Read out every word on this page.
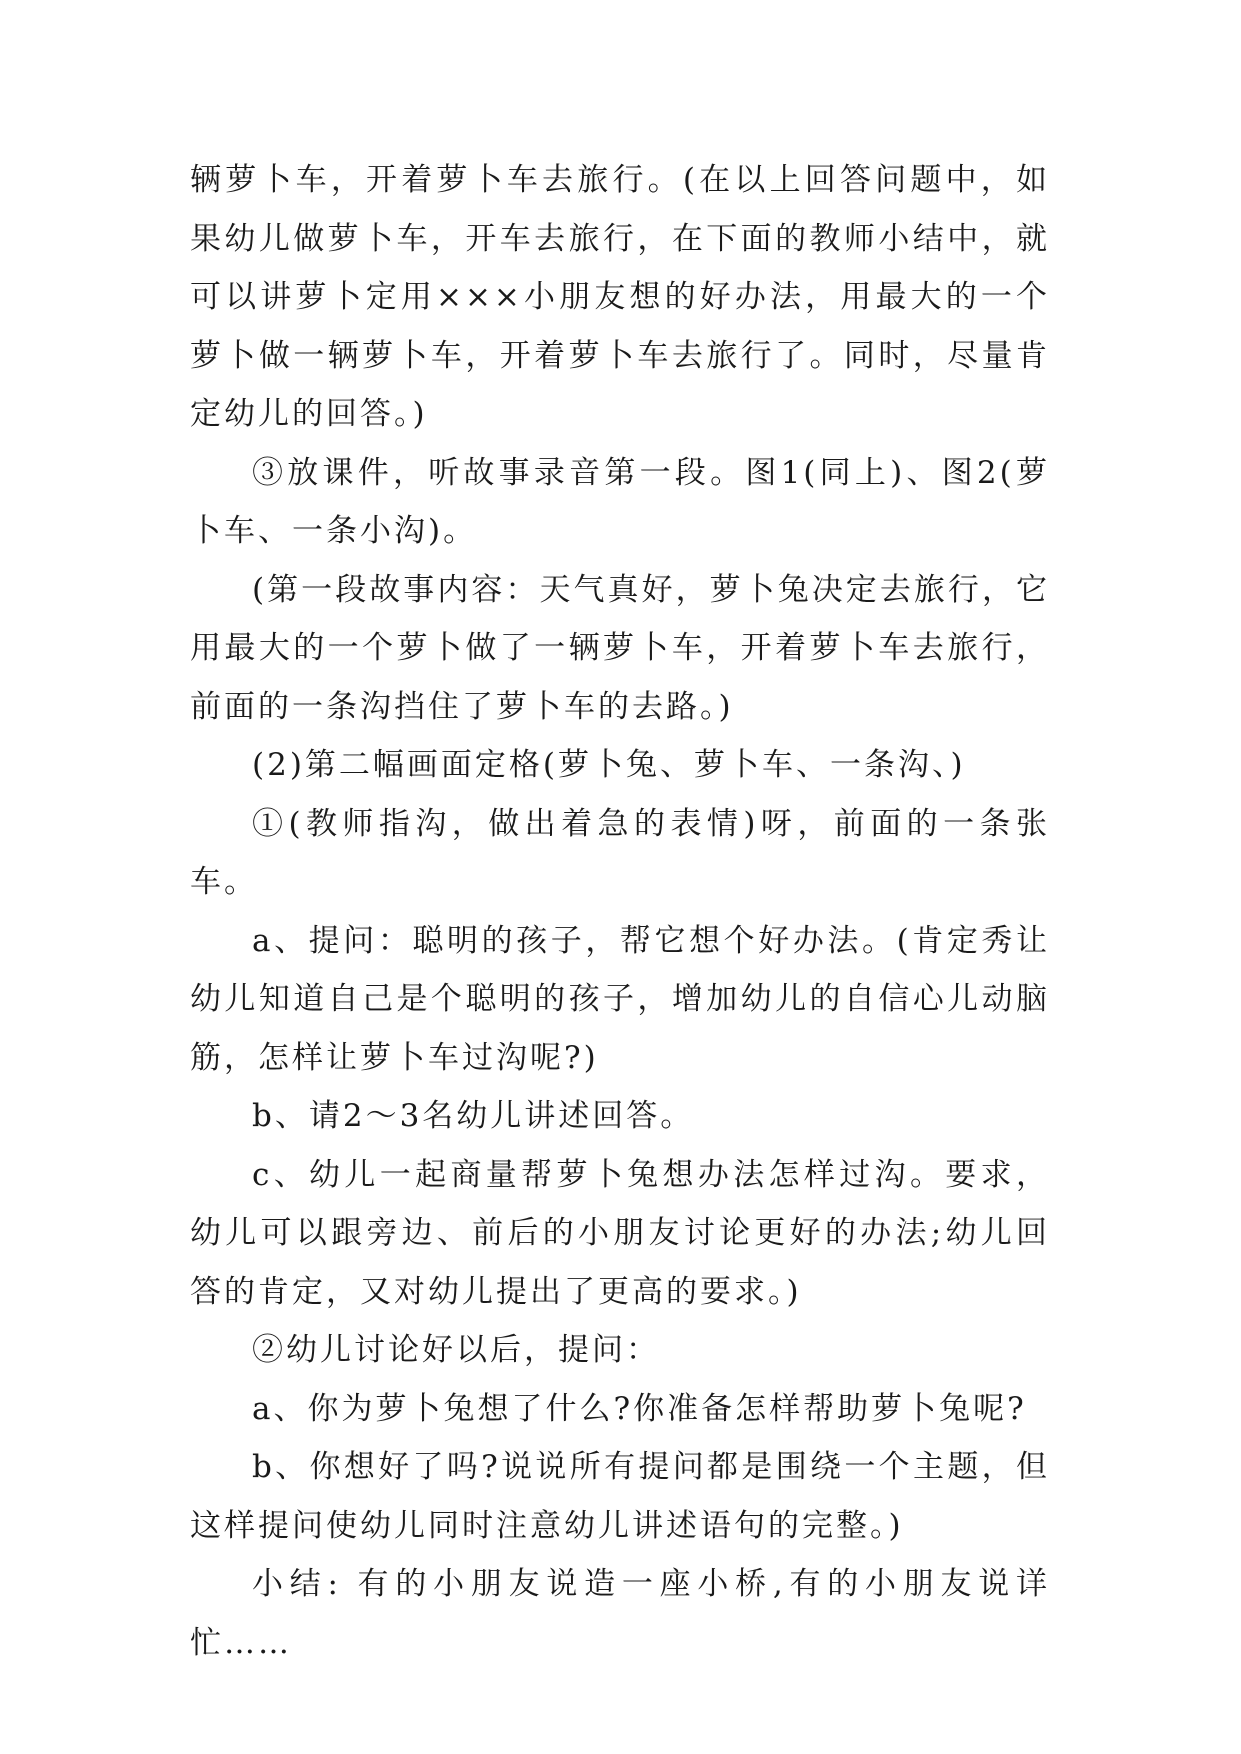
辆萝卜车，开着萝卜车去旅行。(在以上回答问题中，如果幼儿做萝卜车，开车去旅行，在下面的教师小结中，就可以讲萝卜定用×××小朋友想的好办法，用最大的一个萝卜做一辆萝卜车，开着萝卜车去旅行了。同时，尽量肯定幼儿的回答。)

③放课件，听故事录音第一段。图1(同上)、图2(萝卜车、一条小沟)。

(第一段故事内容：天气真好，萝卜兔决定去旅行，它用最大的一个萝卜做了一辆萝卜车，开着萝卜车去旅行，前面的一条沟挡住了萝卜车的去路。)

(2)第二幅画面定格(萝卜兔、萝卜车、一条沟、)

①(教师指沟，做出着急的表情)呀，前面的一条张车。

a、提问：聪明的孩子，帮它想个好办法。(肯定秀让幼儿知道自己是个聪明的孩子，增加幼儿的自信心儿动脑筋，怎样让萝卜车过沟呢?)

b、请2～3名幼儿讲述回答。

c、幼儿一起商量帮萝卜兔想办法怎样过沟。要求，幼儿可以跟旁边、前后的小朋友讨论更好的办法;幼儿回答的肯定，又对幼儿提出了更高的要求。)

②幼儿讨论好以后，提问：

a、你为萝卜兔想了什么?你准备怎样帮助萝卜兔呢?

b、你想好了吗?说说所有提问都是围绕一个主题，但这样提问使幼儿同时注意幼儿讲述语句的完整。)

小结: 有的小朋友说造一座小桥,有的小朋友说详忙……
